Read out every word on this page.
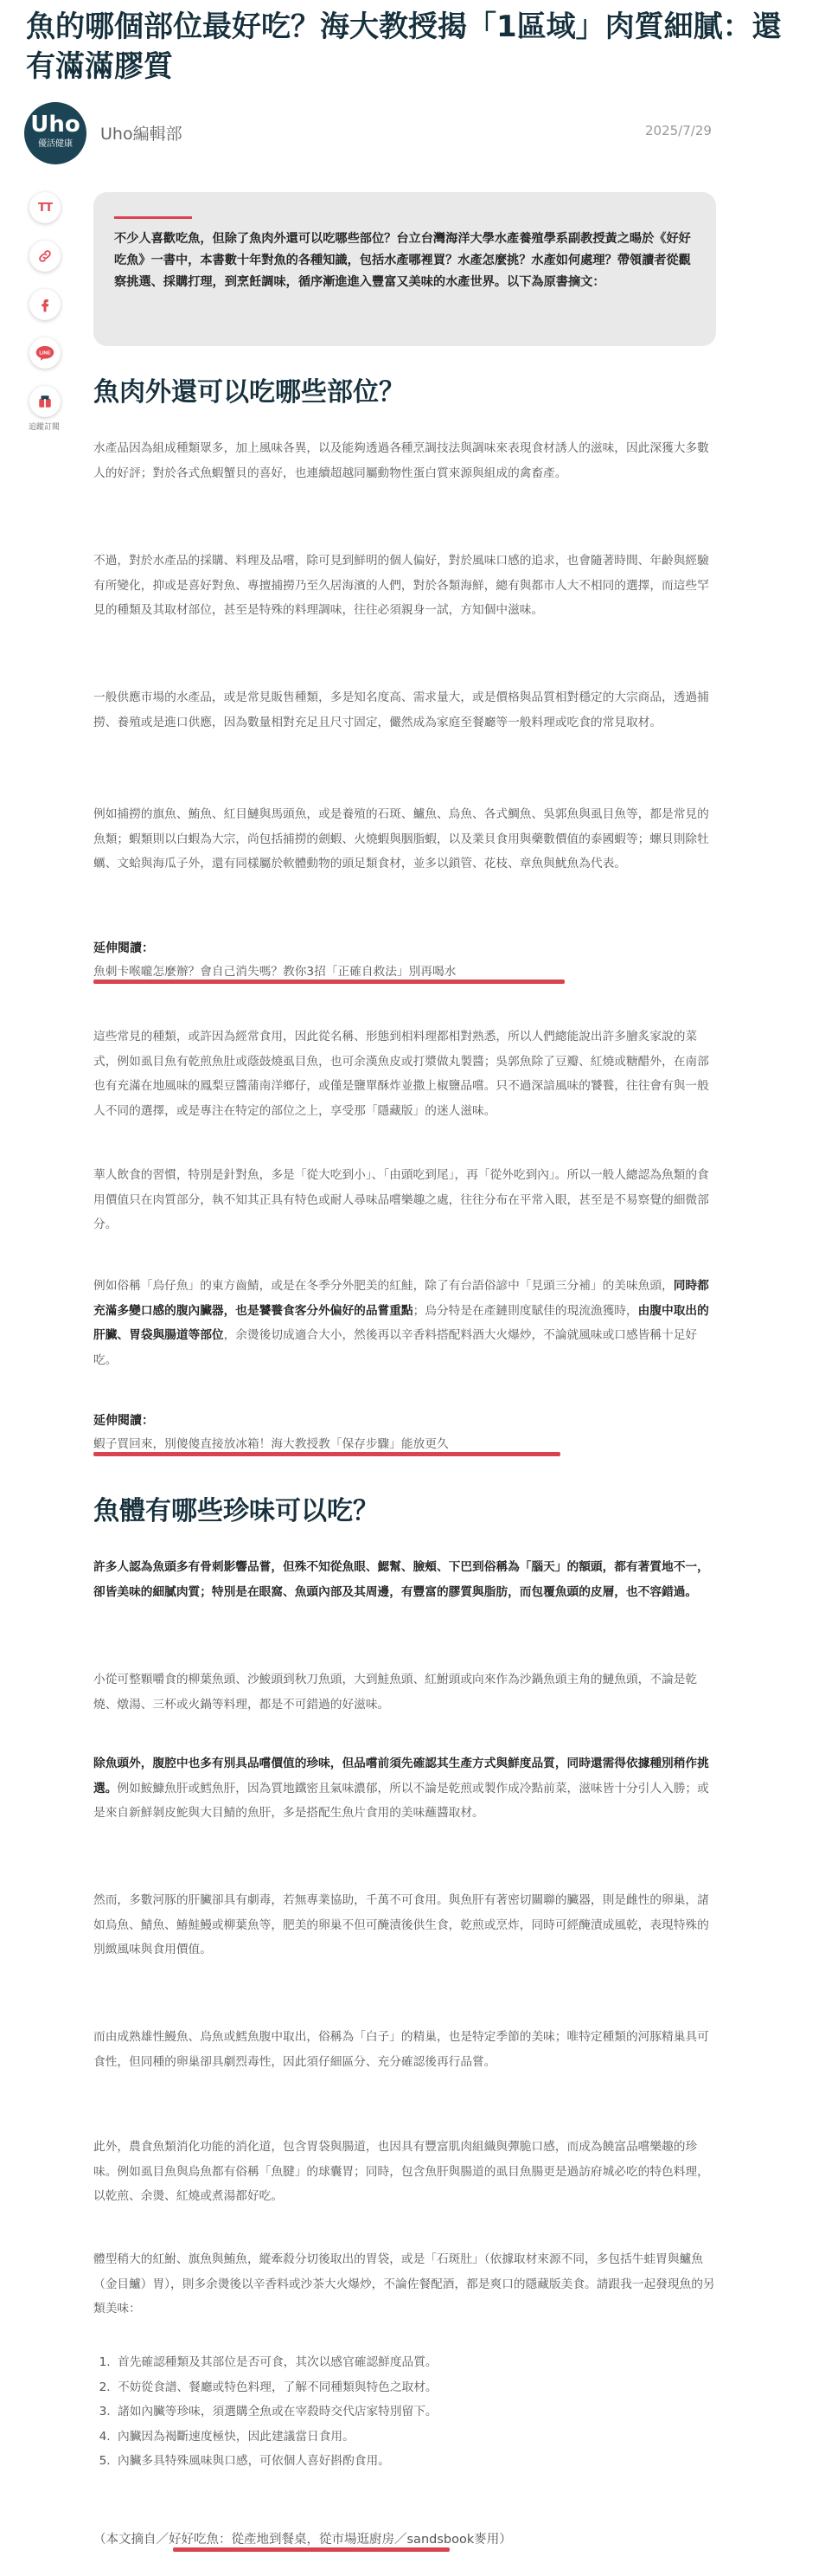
魚的哪個部位最好吃？海大教授揭「1區域」肉質細膩：還有滿滿膠質
Uho
優活健康
Uho編輯部	2025/7/29
TT
LINE
追蹤訂閱

不少人喜歡吃魚，但除了魚肉外還可以吃哪些部位？台立台灣海洋大學水產養殖學系副教授黃之暘於《好好吃魚》一書中，本書數十年對魚的各種知識，包括水產哪裡買？水產怎麼挑？水產如何處理？帶領讀者從觀察挑選、採購打理，到烹飪調味，循序漸進進入豐富又美味的水產世界。以下為原書摘文：

魚肉外還可以吃哪些部位？

水產品因為組成種類眾多，加上風味各異，以及能夠透過各種烹調技法與調味來表現食材誘人的滋味，因此深獲大多數人的好評；對於各式魚蝦蟹貝的喜好，也連續超越同屬動物性蛋白質來源與組成的禽畜產。

不過，對於水產品的採購、料理及品嚐，除可見到鮮明的個人偏好，對於風味口感的追求，也會隨著時間、年齡與經驗有所變化，抑或是喜好對魚、專擅捕撈乃至久居海濱的人們，對於各類海鮮，總有與都市人大不相同的選擇，而這些罕見的種類及其取材部位，甚至是特殊的料理調味，往往必須親身一試，方知個中滋味。

一般供應市場的水產品，或是常見販售種類，多是知名度高、需求量大，或是價格與品質相對穩定的大宗商品，透過捕撈、養殖或是進口供應，因為數量相對充足且尺寸固定，儼然成為家庭至餐廳等一般料理或吃食的常見取材。

例如捕撈的旗魚、鮪魚、紅目鰱與馬頭魚，或是養殖的石斑、鱸魚、烏魚、各式鯛魚、吳郭魚與虱目魚等，都是常見的魚類；蝦類則以白蝦為大宗，尚包括捕撈的劍蝦、火燒蝦與胭脂蝦，以及業貝食用與藥數價值的泰國蝦等；螺貝則除牡蠣、文蛤與海瓜子外，還有同樣屬於軟體動物的頭足類食材，並多以鎖管、花枝、章魚與魷魚為代表。

延伸閱讀：
魚刺卡喉嚨怎麼辦？會自己消失嗎？教你3招「正確自救法」別再喝水

這些常見的種類，或許因為經常食用，因此從名稱、形態到相料理都相對熟悉，所以人們總能說出許多膾炙家說的菜式，例如虱目魚有乾煎魚肚或蔭鼓燒虱目魚，也可余漢魚皮或打漿做丸製醬；吳郭魚除了豆瓣、紅燒或糖醋外，在南部也有充滿在地風味的鳳梨豆醬蒲南洋鄉仔，或僅是鹽單酥炸並撒上椒鹽品嚐。只不過深諳風味的饕餮，往往會有與一般人不同的選擇，或是專注在特定的部位之上，享受那「隱藏版」的迷人滋味。

華人飲食的習慣，特別是針對魚，多是「從大吃到小」、「由頭吃到尾」，再「從外吃到內」。所以一般人總認為魚類的食用價值只在肉質部分，執不知其正具有特色或耐人尋味品嚐樂趣之處，往往分布在平常入眼，甚至是不易察覺的細微部分。

例如俗稱「烏仔魚」的東方齒鯖，或是在冬季分外肥美的紅鮭，除了有台語俗諺中「見頭三分補」的美味魚頭，同時都充滿多變口感的腹內臟器，也是饕餮食客分外偏好的品嘗重點；烏分特是在產鏈則度賦佳的現流漁獲時，由腹中取出的肝臟、胃袋與腸道等部位，余燙後切成適合大小，然後再以辛香料搭配料酒大火爆炒，不論就風味或口感皆稱十足好吃。

延伸閱讀：
蝦子買回來，別傻傻直接放冰箱！海大教授教「保存步驟」能放更久
魚體有哪些珍味可以吃？

許多人認為魚頭多有骨刺影響品嘗，但殊不知從魚眼、鰓幫、臉頰、下巴到俗稱為「腦天」的額頭，都有著質地不一，卻皆美味的細膩肉質；特別是在眼窩、魚頭內部及其周邊，有豐富的膠質與脂肪，而包覆魚頭的皮層，也不容錯過。

小從可整顆嚼食的柳葉魚頭、沙鮻頭到秋刀魚頭，大到鮭魚頭、紅鮒頭或向來作為沙鍋魚頭主角的鰱魚頭，不論是乾燒、燉湯、三杯或火鍋等料理，都是不可錯過的好滋味。

除魚頭外，腹腔中也多有別具品嚐價值的珍味，但品嚐前須先確認其生產方式與鮮度品質，同時還需得依據種別稍作挑選。例如鮟鱇魚肝或鱈魚肝，因為質地鐵密且氣味濃郁，所以不論是乾煎或製作成冷點前菜，滋味皆十分引人入勝；或是來自新鮮剝皮鮀與大目鯖的魚肝，多是搭配生魚片食用的美味蘸醬取材。

然而，多數河豚的肝臟卻具有劇毒，若無專業協助，千萬不可食用。與魚肝有著密切關聯的臟器，則是雌性的卵巢，諸如烏魚、鯖魚、鰆鮭鰻或柳葉魚等，肥美的卵巢不但可醃漬後供生食，乾煎或烹炸，同時可經醃漬成風乾，表現特殊的別緻風味與食用價值。

而由成熟雄性鰻魚、烏魚或鱈魚腹中取出，俗稱為「白子」的精巢，也是特定季節的美味；唯特定種類的河豚精巢具可食性，但同種的卵巢卻具劇烈毒性，因此須仔細區分、充分確認後再行品嘗。

此外，農食魚類消化功能的消化道，包含胃袋與腸道，也因具有豐富肌肉組織與彈脆口感，而成為饒富品嚐樂趣的珍味。例如虱目魚與烏魚都有俗稱「魚腱」的球囊胃；同時，包含魚肝與腸道的虱目魚腸更是過訪府城必吃的特色料理，以乾煎、余燙、紅燒或煮湯都好吃。

體型稍大的紅鮒、旗魚與鮪魚，縱牽殺分切後取出的胃袋，或是「石斑肚」（依據取材來源不同，多包括牛蛙胃與鱸魚（金目鱸）胃），則多余燙後以辛香料或沙茶大火爆炒，不論佐餐配酒，都是爽口的隱藏版美食。請跟我一起發現魚的另類美味：

1. 首先確認種類及其部位是否可食，其次以感官確認鮮度品質。
2. 不妨從食譜、餐廳或特色料理，了解不同種類與特色之取材。
3. 諸如內臟等珍味，須選購全魚或在宰殺時交代店家特別留下。
4. 內臟因為褐斷速度極快，因此建議當日食用。
5. 內臟多具特殊風味與口感，可依個人喜好斟酌食用。
（本文摘自／好好吃魚：從產地到餐桌，從市場逛廚房／sandsbook麥用）
